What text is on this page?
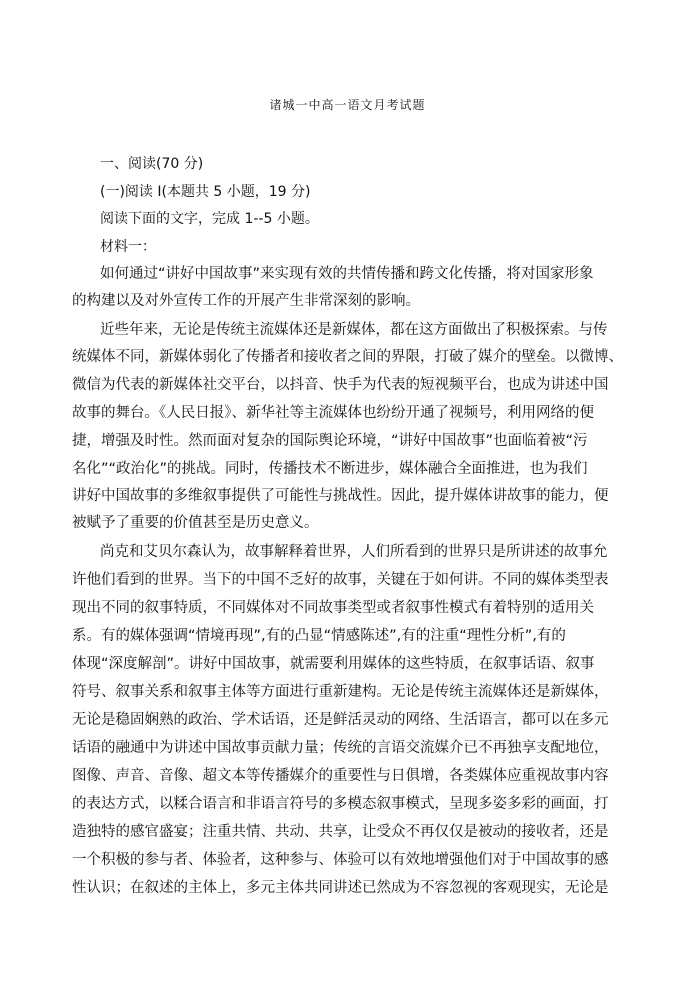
诸城一中高一语文月考试题
一、阅读(70 分)
(一)阅读 I(本题共 5 小题，19 分)
阅读下面的文字，完成 1--5 小题。
材料一：
如何通过“讲好中国故事”来实现有效的共情传播和跨文化传播，将对国家形象
的构建以及对外宣传工作的开展产生非常深刻的影响。
近些年来，无论是传统主流媒体还是新媒体，都在这方面做出了积极探索。与传
统媒体不同，新媒体弱化了传播者和接收者之间的界限，打破了媒介的壁垒。以微博、
微信为代表的新媒体社交平台，以抖音、快手为代表的短视频平台，也成为讲述中国
故事的舞台。《人民日报》、新华社等主流媒体也纷纷开通了视频号，利用网络的便
捷，增强及时性。然而面对复杂的国际舆论环境，“讲好中国故事”也面临着被“污
名化”“政治化”的挑战。同时，传播技术不断进步，媒体融合全面推进，也为我们
讲好中国故事的多维叙事提供了可能性与挑战性。因此，提升媒体讲故事的能力，便
被赋予了重要的价值甚至是历史意义。
尚克和艾贝尔森认为，故事解释着世界，人们所看到的世界只是所讲述的故事允
许他们看到的世界。当下的中国不乏好的故事，关键在于如何讲。不同的媒体类型表
现出不同的叙事特质，不同媒体对不同故事类型或者叙事性模式有着特别的适用关
系。有的媒体强调“情境再现”,有的凸显“情感陈述”,有的注重“理性分析”,有的
体现“深度解剖”。讲好中国故事，就需要利用媒体的这些特质，在叙事话语、叙事
符号、叙事关系和叙事主体等方面进行重新建构。无论是传统主流媒体还是新媒体，
无论是稳固娴熟的政治、学术话语，还是鲜活灵动的网络、生活语言，都可以在多元
话语的融通中为讲述中国故事贡献力量；传统的言语交流媒介已不再独享支配地位，
图像、声音、音像、超文本等传播媒介的重要性与日俱增，各类媒体应重视故事内容
的表达方式，以糅合语言和非语言符号的多模态叙事模式，呈现多姿多彩的画面，打
造独特的感官盛宴；注重共情、共动、共享，让受众不再仅仅是被动的接收者，还是
一个积极的参与者、体验者，这种参与、体验可以有效地增强他们对于中国故事的感
性认识；在叙述的主体上，多元主体共同讲述已然成为不容忽视的客观现实，无论是
